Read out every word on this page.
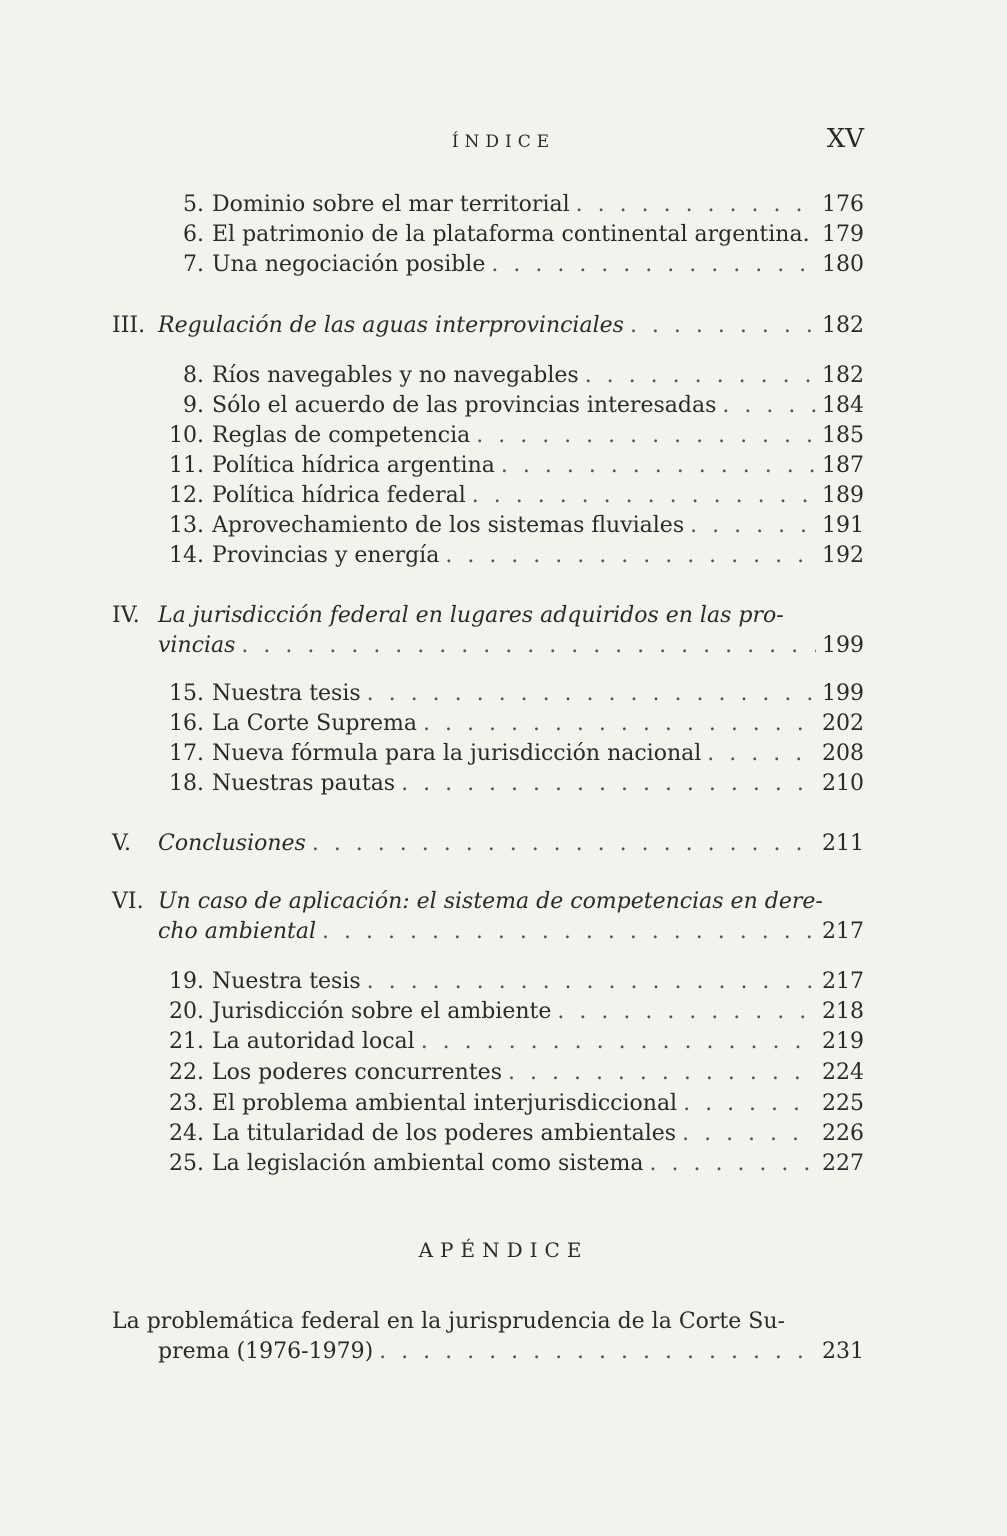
ÍNDICE	XV
5. Dominio sobre el mar territorial . . .	176
6. El patrimonio de la plataforma continental argentina. 179
7. Una negociación posible . . .	180
III. Regulación de las aguas interprovinciales . . .	182
8. Ríos navegables y no navegables . . .	182
9. Sólo el acuerdo de las provincias interesadas . . .	184
10. Reglas de competencia . . .	185
11. Política hídrica argentina . . .	187
12. Política hídrica federal . . .	189
13. Aprovechamiento de los sistemas fluviales . . .	191
14. Provincias y energía . . .	192
IV. La jurisdicción federal en lugares adquiridos en las pro-
vincias . . .	199
15. Nuestra tesis . . .	199
16. La Corte Suprema . . .	202
17. Nueva fórmula para la jurisdicción nacional . . .	208
18. Nuestras pautas . . .	210
V.	Conclusiones . . .	211
VI. Un caso de aplicación: el sistema de competencias en dere-
cho ambiental . . .	217
19. Nuestra tesis . . .	217
20. Jurisdicción sobre el ambiente . . .	218
21. La autoridad local . . .	219
22. Los poderes concurrentes . . .	224
23. El problema ambiental interjurisdiccional . . .	225
24. La titularidad de los poderes ambientales . . .	226
25. La legislación ambiental como sistema . . .	227
APÉNDICE
La problemática federal en la jurisprudencia de la Corte Su-
prema (1976-1979) . . .	231
